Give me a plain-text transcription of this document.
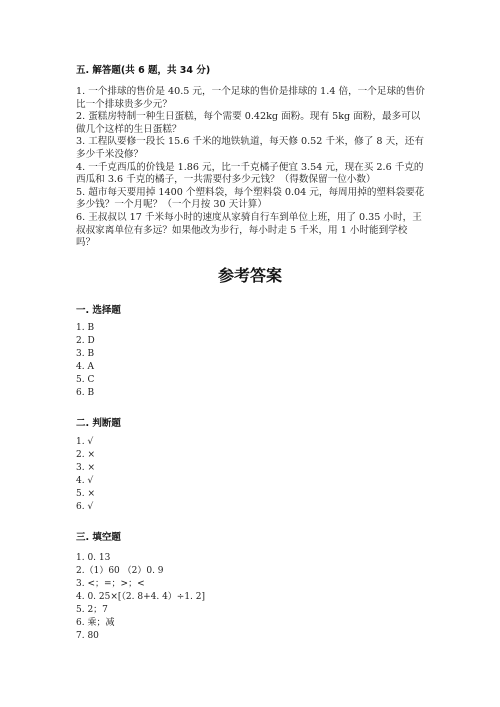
五. 解答题(共 6 题，共 34 分)

1. 一个排球的售价是 40.5 元，一个足球的售价是排球的 1.4 倍，一个足球的售价比一个排球贵多少元？

2. 蛋糕房特制一种生日蛋糕，每个需要 0.42kg 面粉。现有 5kg 面粉，最多可以做几个这样的生日蛋糕？

3. 工程队要修一段长 15.6 千米的地铁轨道，每天修 0.52 千米，修了 8 天，还有多少千米没修？

4. 一千克西瓜的价钱是 1.86 元，比一千克橘子便宜 3.54 元，现在买 2.6 千克的西瓜和 3.6 千克的橘子，一共需要付多少元钱？（得数保留一位小数）

5. 超市每天要用掉 1400 个塑料袋，每个塑料袋 0.04 元，每周用掉的塑料袋要花多少钱？一个月呢？（一个月按 30 天计算）

6. 王叔叔以 17 千米每小时的速度从家骑自行车到单位上班，用了 0.35 小时，王叔叔家离单位有多远？如果他改为步行，每小时走 5 千米，用 1 小时能到学校吗？

参考答案
一. 选择题
1. B
2. D
3. B
4. A
5. C
6. B
二. 判断题
1. √
2. ×
3. ×
4. √
5. ×
6. √
三. 填空题
1. 0. 13
2.（1）60 （2）0. 9
3. <；=；>；<
4. 0. 25×[（2. 8+4. 4）÷1. 2]
5. 2；7
6. 乘；减
7. 80
